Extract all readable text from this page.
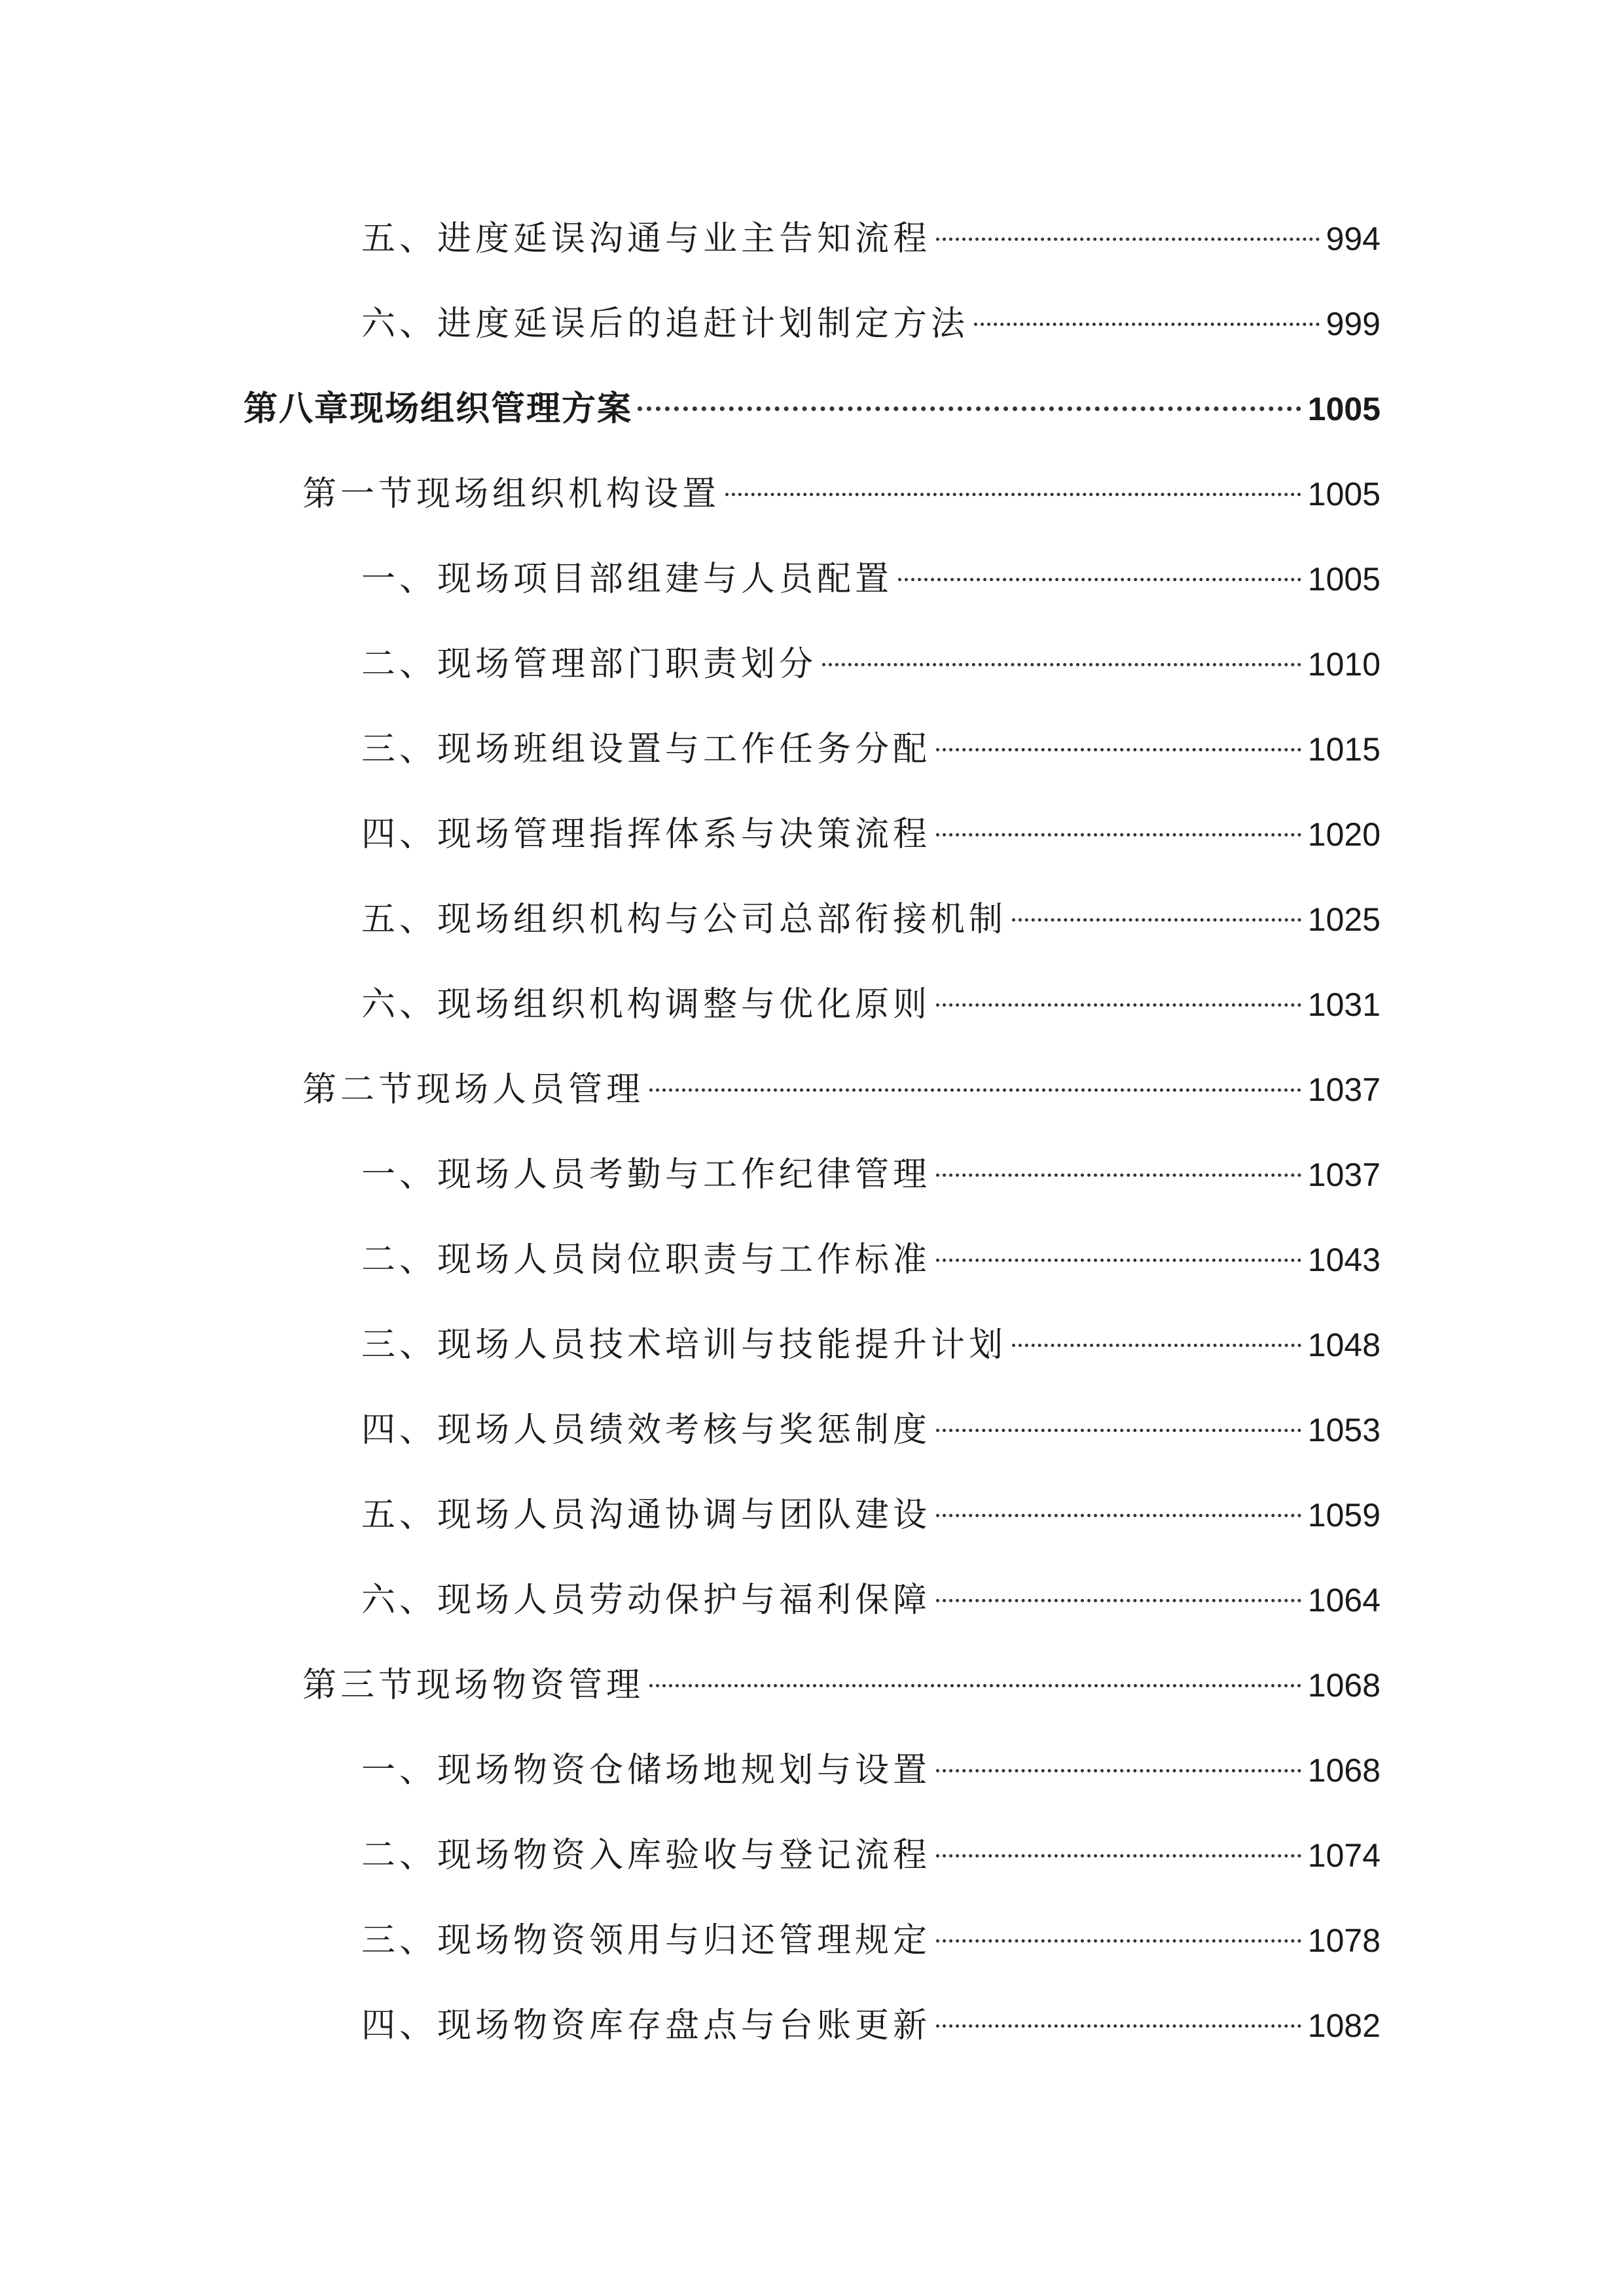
五、进度延误沟通与业主告知流程	994
六、进度延误后的追赶计划制定方法	999
第八章现场组织管理方案	1005
第一节现场组织机构设置	1005
一、现场项目部组建与人员配置	1005
二、现场管理部门职责划分	1010
三、现场班组设置与工作任务分配	1015
四、现场管理指挥体系与决策流程	1020
五、现场组织机构与公司总部衔接机制	1025
六、现场组织机构调整与优化原则	1031
第二节现场人员管理	1037
一、现场人员考勤与工作纪律管理	1037
二、现场人员岗位职责与工作标准	1043
三、现场人员技术培训与技能提升计划	1048
四、现场人员绩效考核与奖惩制度	1053
五、现场人员沟通协调与团队建设	1059
六、现场人员劳动保护与福利保障	1064
第三节现场物资管理	1068
一、现场物资仓储场地规划与设置	1068
二、现场物资入库验收与登记流程	1074
三、现场物资领用与归还管理规定	1078
四、现场物资库存盘点与台账更新	1082
